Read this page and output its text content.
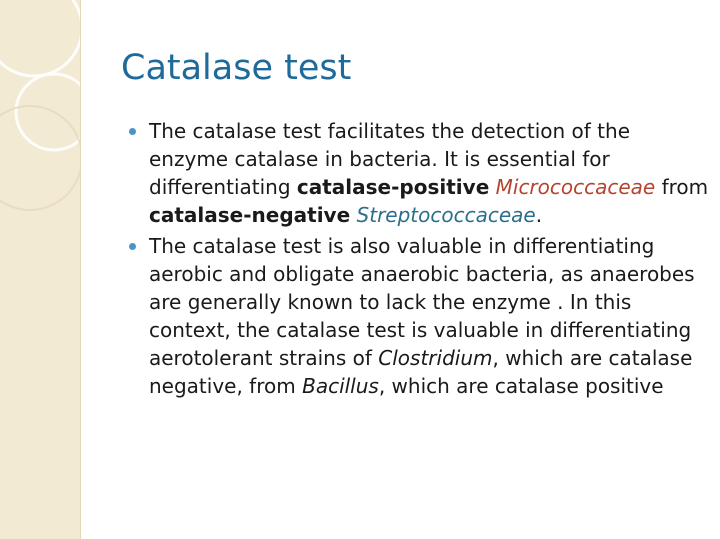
Catalase test
The catalase test facilitates the detection of the enzyme catalase in bacteria. It is essential for differentiating catalase-positive Micrococcaceae from catalase-negative Streptococcaceae.
The catalase test is also valuable in differentiating aerobic and obligate anaerobic bacteria, as anaerobes are generally known to lack the enzyme . In this context, the catalase test is valuable in differentiating aerotolerant strains of Clostridium, which are catalase negative, from Bacillus, which are catalase positive
